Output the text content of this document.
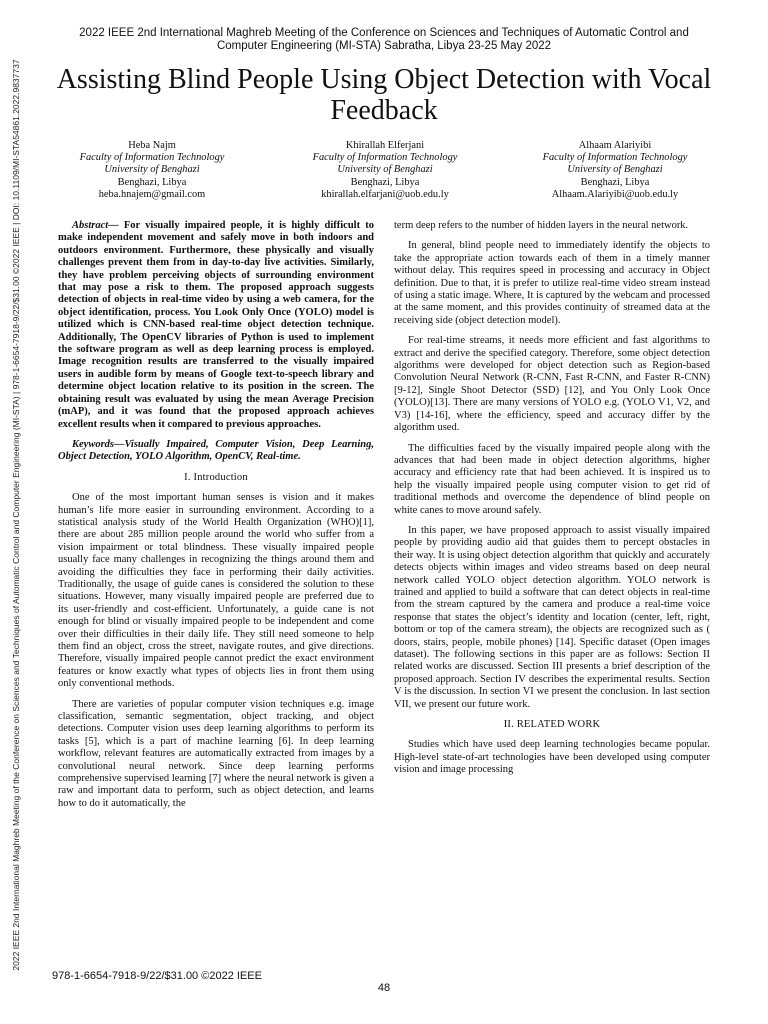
2022 IEEE 2nd International Maghreb Meeting of the Conference on Sciences and Techniques of Automatic Control and Computer Engineering (MI-STA) | 978-1-6654-7918-9/22/$31.00 ©2022 IEEE | DOI: 10.1109/MI-STA54861.2022.9837737
2022 IEEE 2nd International Maghreb Meeting of the Conference on Sciences and Techniques of Automatic Control and Computer Engineering (MI-STA) Sabratha, Libya 23-25 May 2022
Assisting Blind People Using Object Detection with Vocal Feedback
Heba Najm
Faculty of Information Technology
University of Benghazi
Benghazi, Libya
heba.hnajem@gmail.com
Khirallah Elferjani
Faculty of Information Technology
University of Benghazi
Benghazi, Libya
khirallah.elfarjani@uob.edu.ly
Alhaam Alariyibi
Faculty of Information Technology
University of Benghazi
Benghazi, Libya
Alhaam.Alariyibi@uob.edu.ly

Abstract— For visually impaired people, it is highly difficult to make independent movement and safely move in both indoors and outdoors environment. Furthermore, these physically and visually challenges prevent them from in day-to-day live activities. Similarly, they have problem perceiving objects of surrounding environment that may pose a risk to them. The proposed approach suggests detection of objects in real-time video by using a web camera, for the object identification, process. You Look Only Once (YOLO) model is utilized which is CNN-based real-time object detection technique. Additionally, The OpenCV libraries of Python is used to implement the software program as well as deep learning process is employed. Image recognition results are transferred to the visually impaired users in audible form by means of Google text-to-speech library and determine object location relative to its position in the screen. The obtaining result was evaluated by using the mean Average Precision (mAP), and it was found that the proposed approach achieves excellent results when it compared to previous approaches.

Keywords—Visually Impaired, Computer Vision, Deep Learning, Object Detection, YOLO Algorithm, OpenCV, Real-time.

I. Introduction

One of the most important human senses is vision and it makes human’s life more easier in surrounding environment. According to a statistical analysis study of the World Health Organization (WHO)[1], there are about 285 million people around the world who suffer from a vision impairment or total blindness. These visually impaired people usually face many challenges in recognizing the things around them and avoiding the difficulties they face in performing their daily activities. Traditionally, the usage of guide canes is considered the solution to these situations. However, many visually impaired people are preferred due to its user-friendly and cost-efficient. Unfortunately, a guide cane is not enough for blind or visually impaired people to be independent and come over their difficulties in their daily life. They still need someone to help them find an object, cross the street, navigate routes, and give directions. Therefore, visually impaired people cannot predict the exact environment features or know exactly what types of objects lies in front them using only conventional methods.

There are varieties of popular computer vision techniques e.g. image classification, semantic segmentation, object tracking, and object detections. Computer vision uses deep learning algorithms to perform its tasks [5], which is a part of machine learning [6]. In deep learning workflow, relevant features are automatically extracted from images by a convolutional neural network. Since deep learning performs comprehensive supervised learning [7] where the neural network is given a raw and important data to perform, such as object detection, and learns how to do it automatically, the

term deep refers to the number of hidden layers in the neural network.

In general, blind people need to immediately identify the objects to take the appropriate action towards each of them in a timely manner without delay. This requires speed in processing and accuracy in Object definition. Due to that, it is prefer to utilize real-time video stream instead of using a static image. Where, It is captured by the webcam and processed at the same moment, and this provides continuity of streamed data at the receiving side (object detection model).

For real-time streams, it needs more efficient and fast algorithms to extract and derive the specified category. Therefore, some object detection algorithms were developed for object detection such as Region-based Convolution Neural Network (R-CNN, Fast R-CNN, and Faster R-CNN)[9-12], Single Shoot Detector (SSD) [12], and You Only Look Once (YOLO)[13]. There are many versions of YOLO e.g. (YOLO V1, V2, and V3) [14-16], where the efficiency, speed and accuracy differ by the algorithm used.

The difficulties faced by the visually impaired people along with the advances that had been made in object detection algorithms, higher accuracy and efficiency rate that had been achieved. It is inspired us to help the visually impaired people using computer vision to get rid of traditional methods and overcome the dependence of blind people on white canes to move around safely.

In this paper, we have proposed approach to assist visually impaired people by providing audio aid that guides them to percept obstacles in their way. It is using object detection algorithm that quickly and accurately detects objects within images and video streams based on deep neural network called YOLO object detection algorithm. YOLO network is trained and applied to build a software that can detect objects in real-time from the stream captured by the camera and produce a real-time voice response that states the object’s identity and location (center, left, right, bottom or top of the camera stream), the objects are recognized such as ( doors, stairs, people, mobile phones) [14]. Specific dataset (Open images dataset). The following sections in this paper are as follows: Section II related works are discussed. Section III presents a brief description of the proposed approach. Section IV describes the experimental results. Section V is the discussion. In section VI we present the conclusion. In last section VII, we present our future work.

II. RELATED WORK

Studies which have used deep learning technologies became popular. High-level state-of-art technologies have been developed using computer vision and image processing

978-1-6654-7918-9/22/$31.00 ©2022 IEEE
48
